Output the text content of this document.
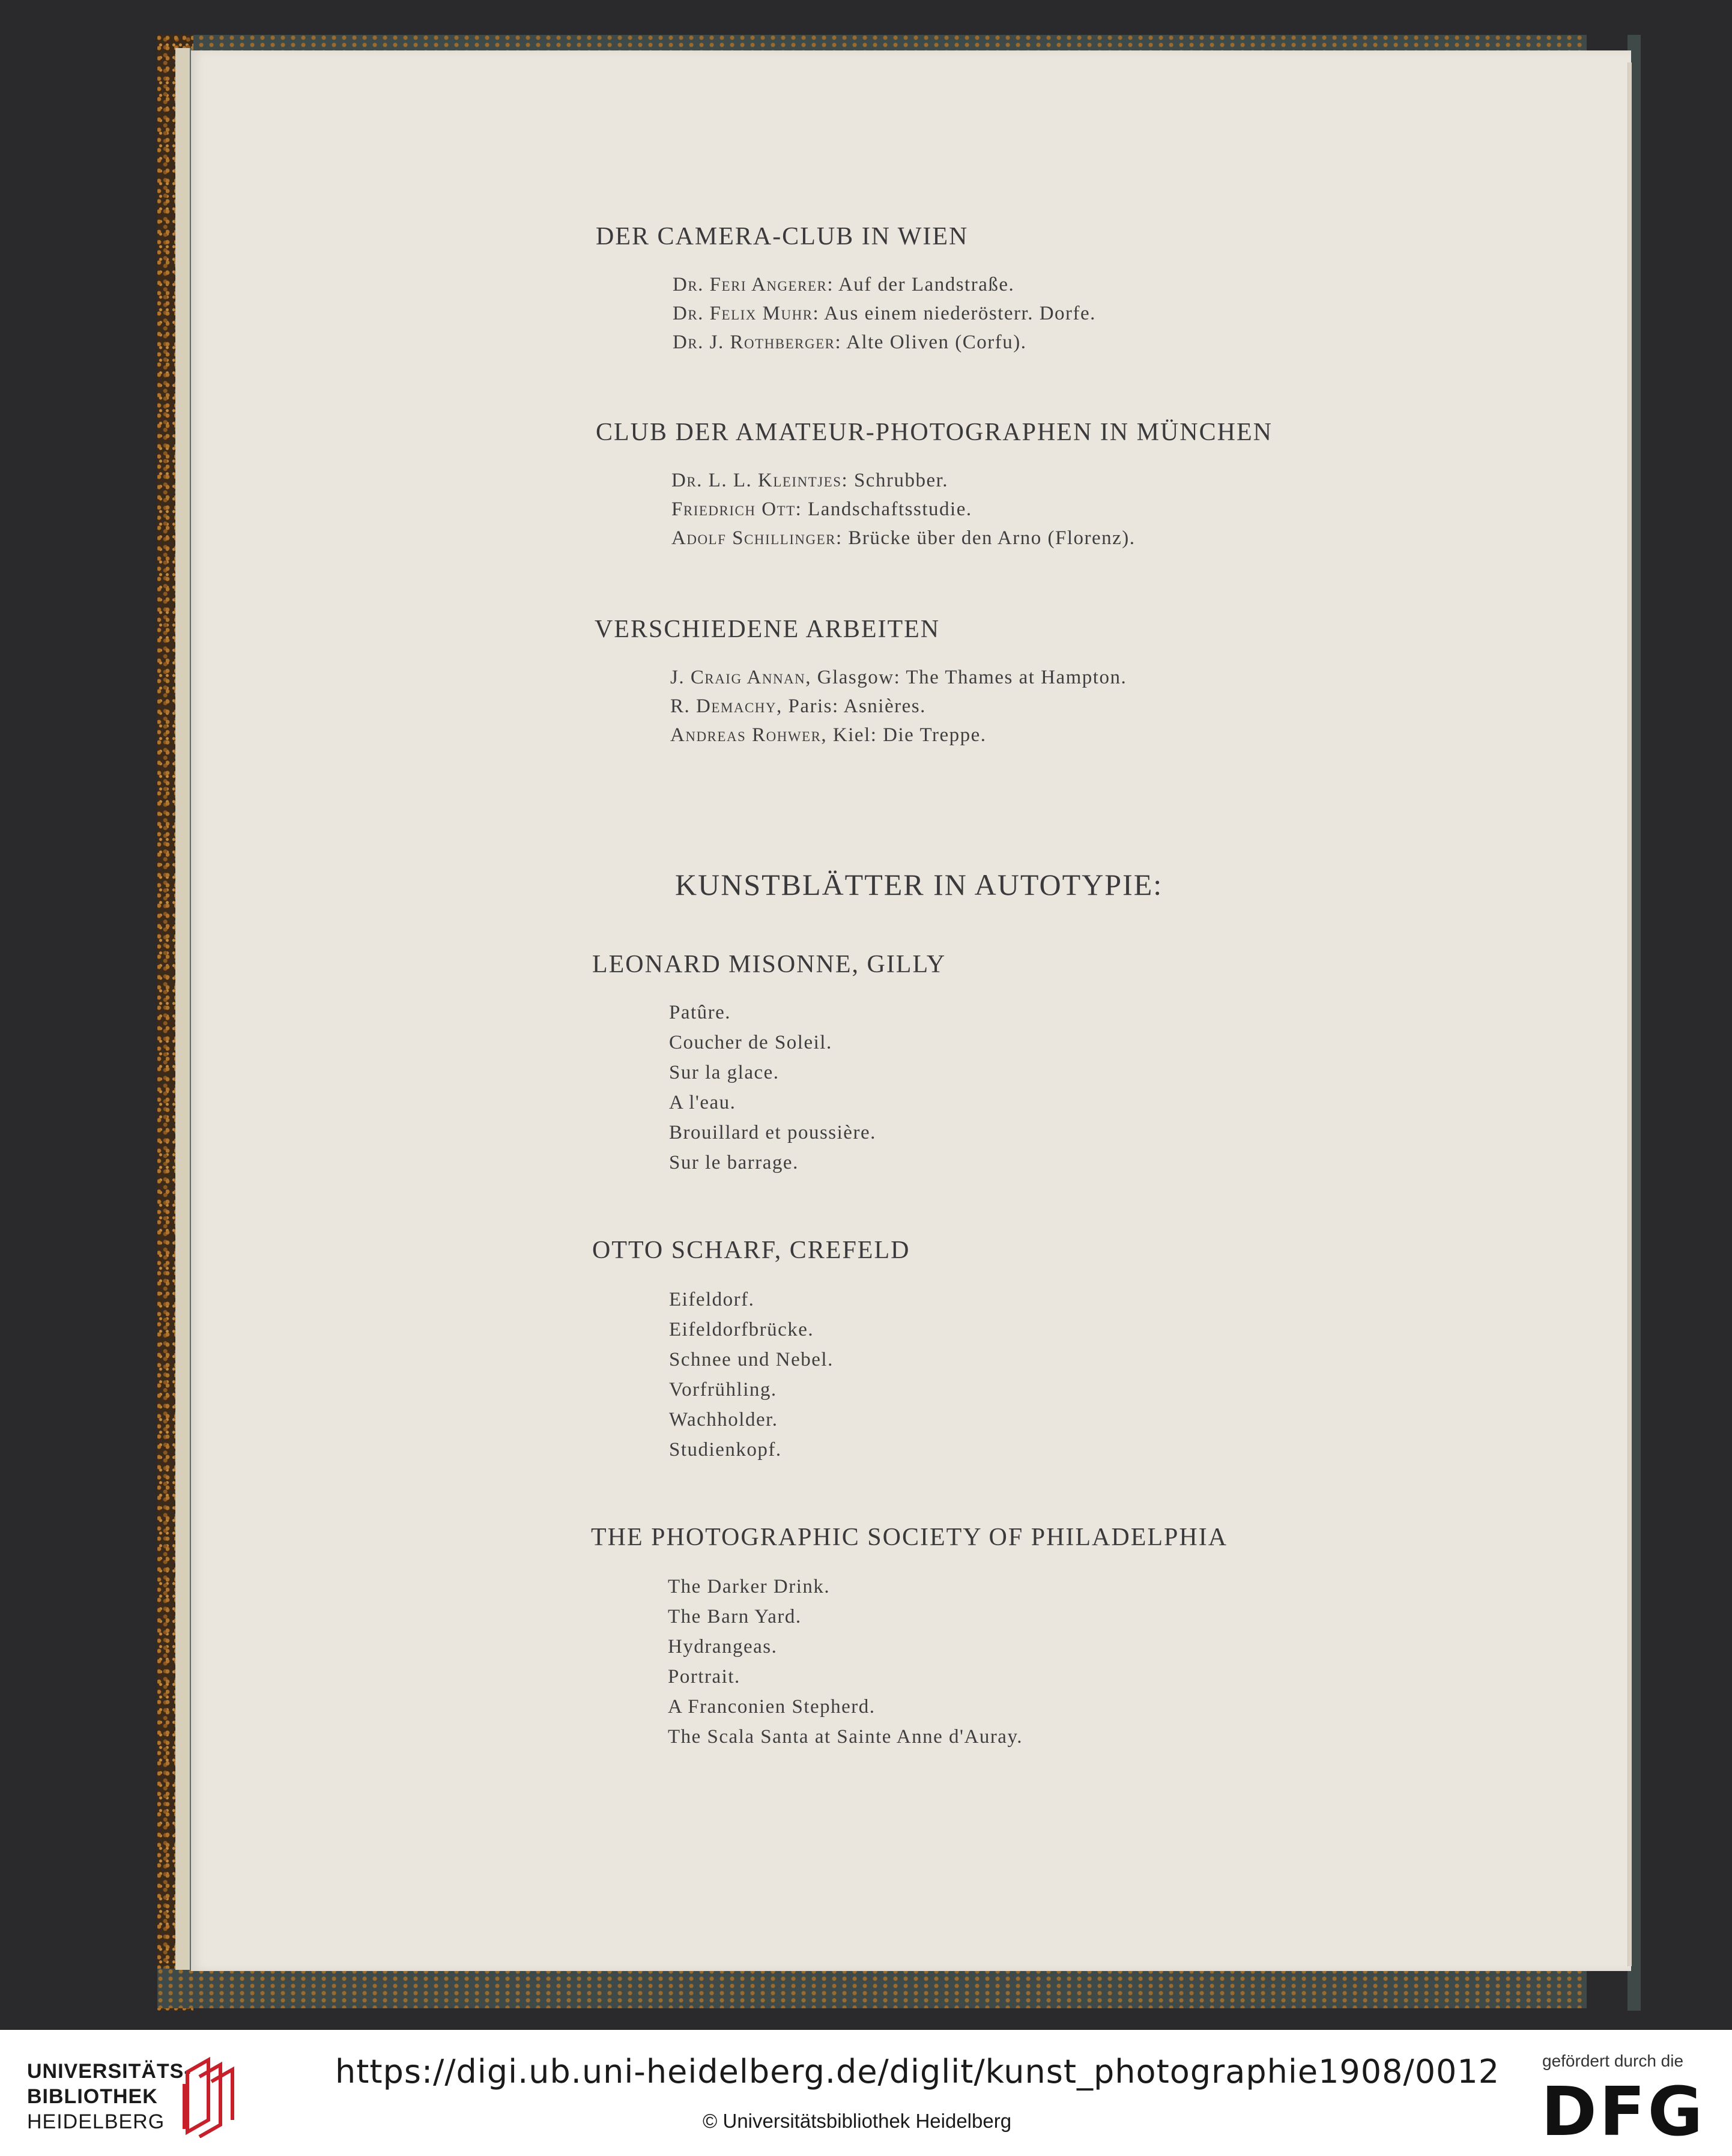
DER CAMERA-CLUB IN WIEN
Dr. Feri Angerer: Auf der Landstraße.
Dr. Felix Muhr: Aus einem niederösterr. Dorfe.
Dr. J. Rothberger: Alte Oliven (Corfu).
CLUB DER AMATEUR-PHOTOGRAPHEN IN MÜNCHEN
Dr. L. L. Kleintjes: Schrubber.
Friedrich Ott: Landschaftsstudie.
Adolf Schillinger: Brücke über den Arno (Florenz).
VERSCHIEDENE ARBEITEN
J. Craig Annan, Glasgow: The Thames at Hampton.
R. Demachy, Paris: Asnières.
Andreas Rohwer, Kiel: Die Treppe.
KUNSTBLÄTTER IN AUTOTYPIE:
LEONARD MISONNE, GILLY
Patûre.
Coucher de Soleil.
Sur la glace.
A l'eau.
Brouillard et poussière.
Sur le barrage.
OTTO SCHARF, CREFELD
Eifeldorf.
Eifeldorfbrücke.
Schnee und Nebel.
Vorfrühling.
Wachholder.
Studienkopf.
THE PHOTOGRAPHIC SOCIETY OF PHILADELPHIA
The Darker Drink.
The Barn Yard.
Hydrangeas.
Portrait.
A Franconien Stepherd.
The Scala Santa at Sainte Anne d'Auray.
UNIVERSITÄTS-
BIBLIOTHEK
HEIDELBERG
https://digi.ub.uni-heidelberg.de/diglit/kunst_photographie1908/0012
© Universitätsbibliothek Heidelberg
gefördert durch die
DFG
